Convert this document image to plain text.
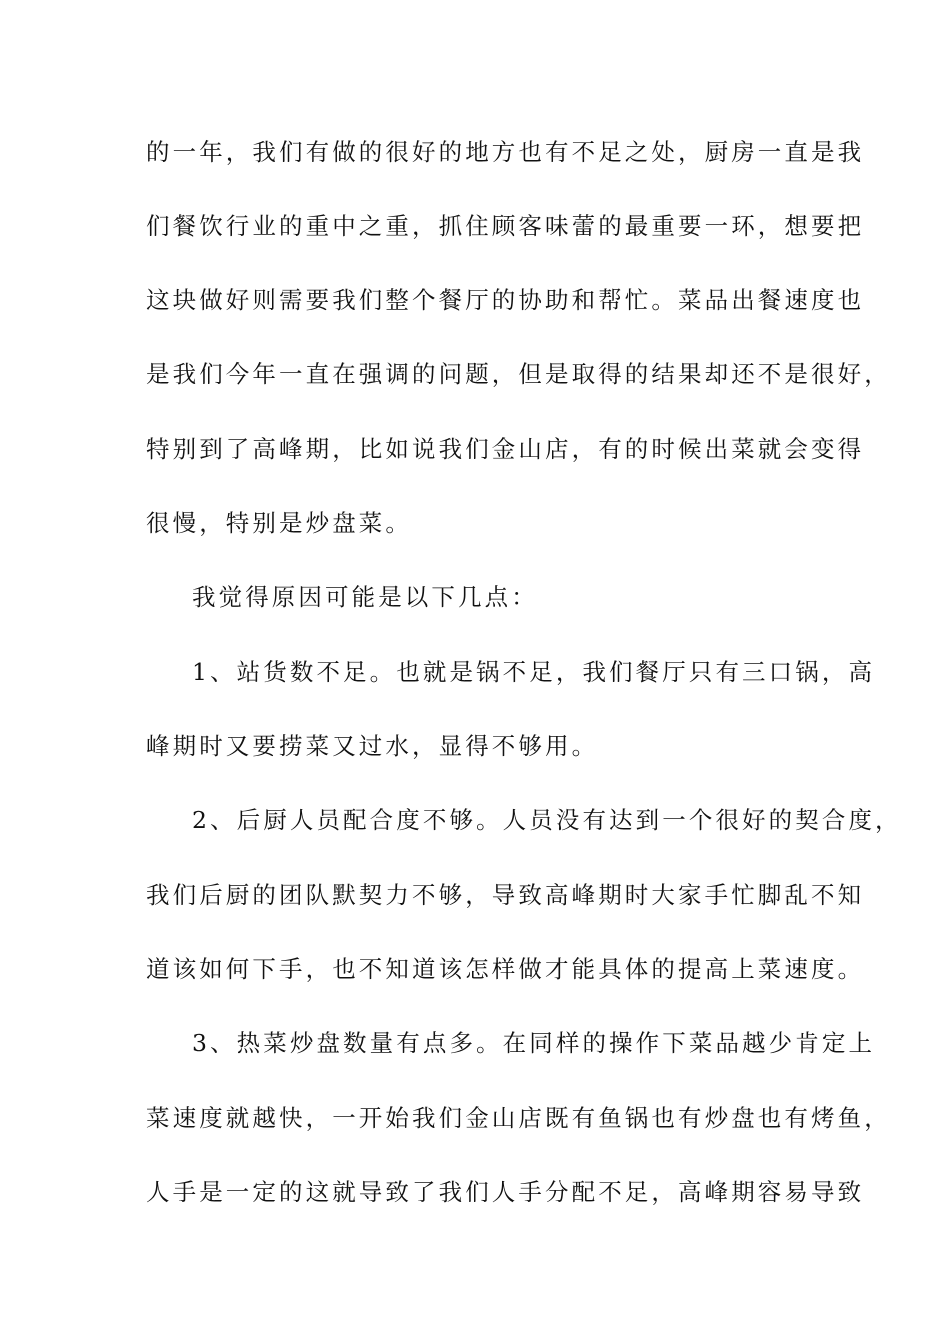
的一年，我们有做的很好的地方也有不足之处，厨房一直是我
们餐饮行业的重中之重，抓住顾客味蕾的最重要一环，想要把
这块做好则需要我们整个餐厅的协助和帮忙。菜品出餐速度也
是我们今年一直在强调的问题，但是取得的结果却还不是很好，
特别到了高峰期，比如说我们金山店，有的时候出菜就会变得
很慢，特别是炒盘菜。
我觉得原因可能是以下几点：
1、站货数不足。也就是锅不足，我们餐厅只有三口锅，高
峰期时又要捞菜又过水，显得不够用。
2、后厨人员配合度不够。人员没有达到一个很好的契合度，
我们后厨的团队默契力不够，导致高峰期时大家手忙脚乱不知
道该如何下手，也不知道该怎样做才能具体的提高上菜速度。
3、热菜炒盘数量有点多。在同样的操作下菜品越少肯定上
菜速度就越快，一开始我们金山店既有鱼锅也有炒盘也有烤鱼，
人手是一定的这就导致了我们人手分配不足，高峰期容易导致
